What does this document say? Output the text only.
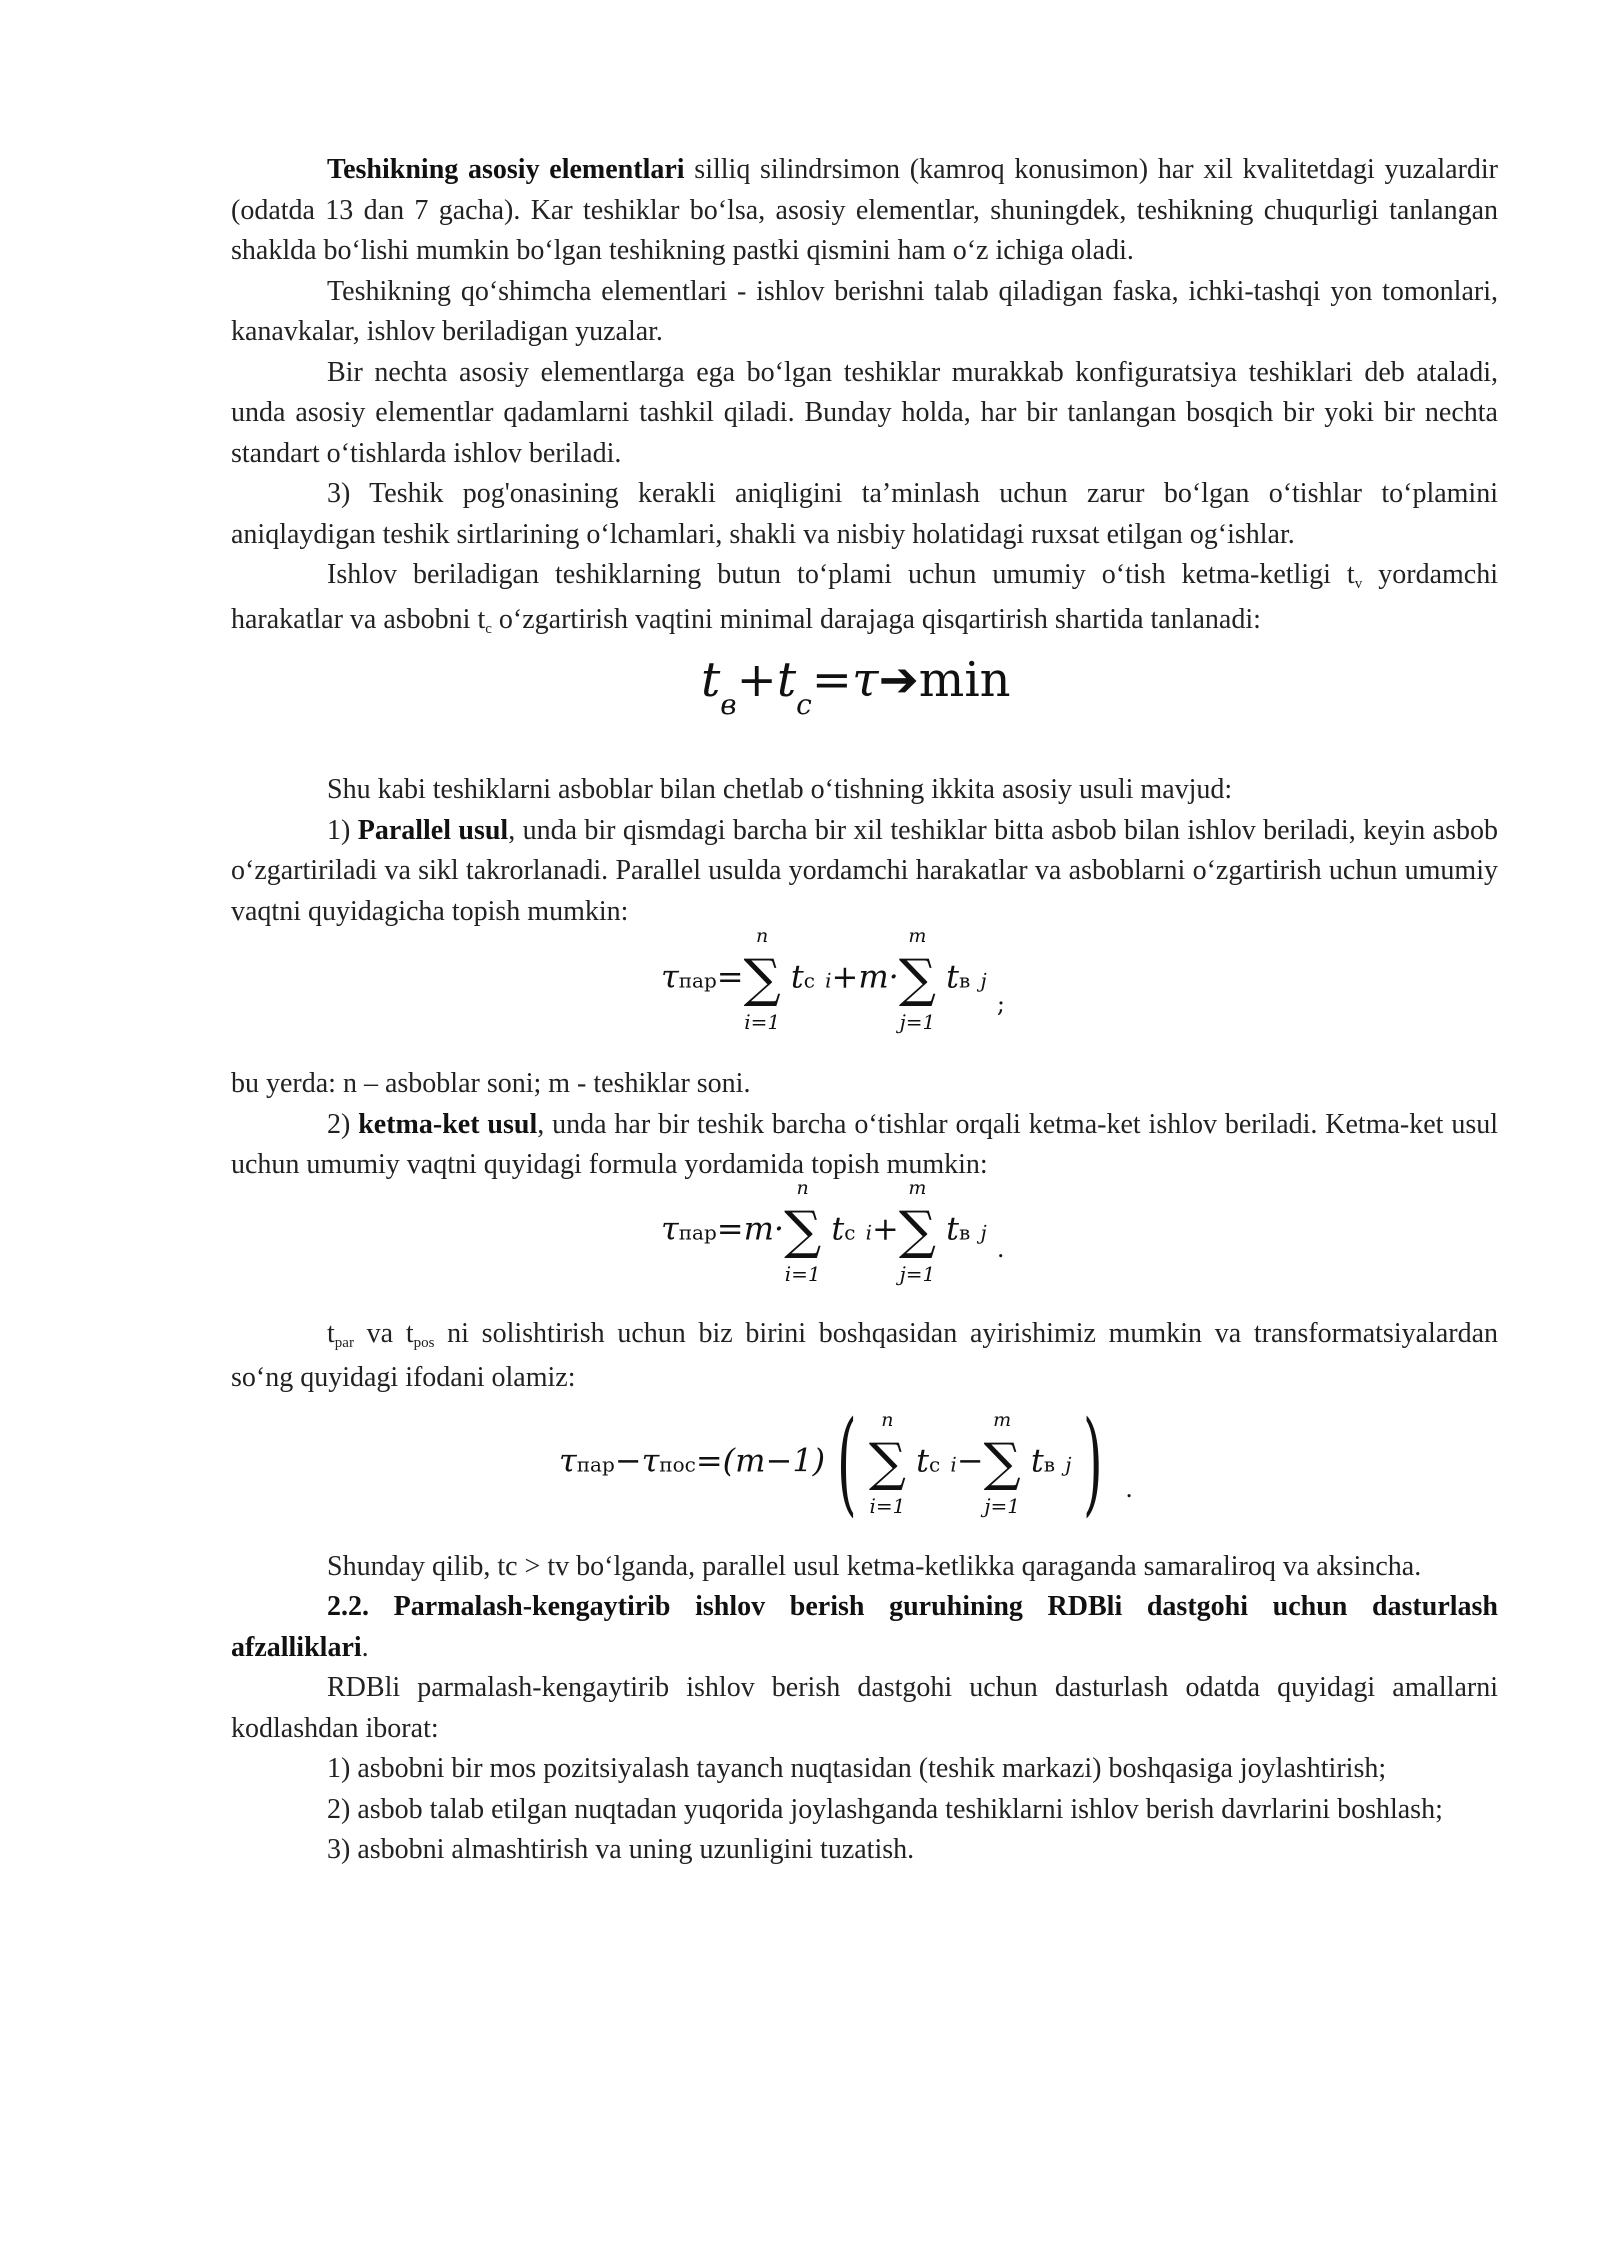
Teshikning asosiy elementlari silliq silindrsimon (kamroq konusimon) har xil kvalitetdagi yuzalardir (odatda 13 dan 7 gacha). Kar teshiklar bo‘lsa, asosiy elementlar, shuningdek, teshikning chuqurligi tanlangan shaklda bo‘lishi mumkin bo‘lgan teshikning pastki qismini ham o‘z ichiga oladi.

Teshikning qo‘shimcha elementlari - ishlov berishni talab qiladigan faska, ichki-tashqi yon tomonlari, kanavkalar, ishlov beriladigan yuzalar.

Bir nechta asosiy elementlarga ega bo‘lgan teshiklar murakkab konfiguratsiya teshiklari deb ataladi, unda asosiy elementlar qadamlarni tashkil qiladi. Bunday holda, har bir tanlangan bosqich bir yoki bir nechta standart o‘tishlarda ishlov beriladi.

3) Teshik pog'onasining kerakli aniqligini ta’minlash uchun zarur bo‘lgan o‘tishlar to‘plamini aniqlaydigan teshik sirtlarining o‘lchamlari, shakli va nisbiy holatidagi ruxsat etilgan og‘ishlar.

Ishlov beriladigan teshiklarning butun to‘plami uchun umumiy o‘tish ketma-ketligi tv yordamchi harakatlar va asbobni tc o‘zgartirish vaqtini minimal darajaga qisqartirish shartida tanlanadi:

$t_в+t_c=\tau➔\min$

Shu kabi teshiklarni asboblar bilan chetlab o‘tishning ikkita asosiy usuli mavjud:

1) Parallel usul, unda bir qismdagi barcha bir xil teshiklar bitta asbob bilan ishlov beriladi, keyin asbob o‘zgartiriladi va sikl takrorlanadi. Parallel usulda yordamchi harakatlar va asboblarni o‘zgartirish uchun umumiy vaqtni quyidagicha topish mumkin:

τпар=
n
∑
i=1
tc i+m·
m
∑
j=1
tв j $_;$

bu yerda: n – asboblar soni; m - teshiklar soni.

2) ketma-ket usul, unda har bir teshik barcha o‘tishlar orqali ketma-ket ishlov beriladi. Ketma-ket usul uchun umumiy vaqtni quyidagi formula yordamida topish mumkin:

τпар=m·
n
∑
i=1
tc i+
m
∑
j=1
tв j $_.$

tpar va tpos ni solishtirish uchun biz birini boshqasidan ayirishimiz mumkin va transformatsiyalardan so‘ng quyidagi ifodani olamiz:

τпар−τпос=(m−1) (	n
∑
i=1
tc i−
m
∑
j=1
tв j ) $_.$

Shunday qilib, tc > tv bo‘lganda, parallel usul ketma-ketlikka qaraganda samaraliroq va aksincha.

2.2. Parmalash-kengaytirib ishlov berish guruhining RDBli dastgohi uchun dasturlash afzalliklari.

RDBli parmalash-kengaytirib ishlov berish dastgohi uchun dasturlash odatda quyidagi amallarni kodlashdan iborat:

1) asbobni bir mos pozitsiyalash tayanch nuqtasidan (teshik markazi) boshqasiga joylashtirish;

2) asbob talab etilgan nuqtadan yuqorida joylashganda teshiklarni ishlov berish davrlarini boshlash;

3) asbobni almashtirish va uning uzunligini tuzatish.
